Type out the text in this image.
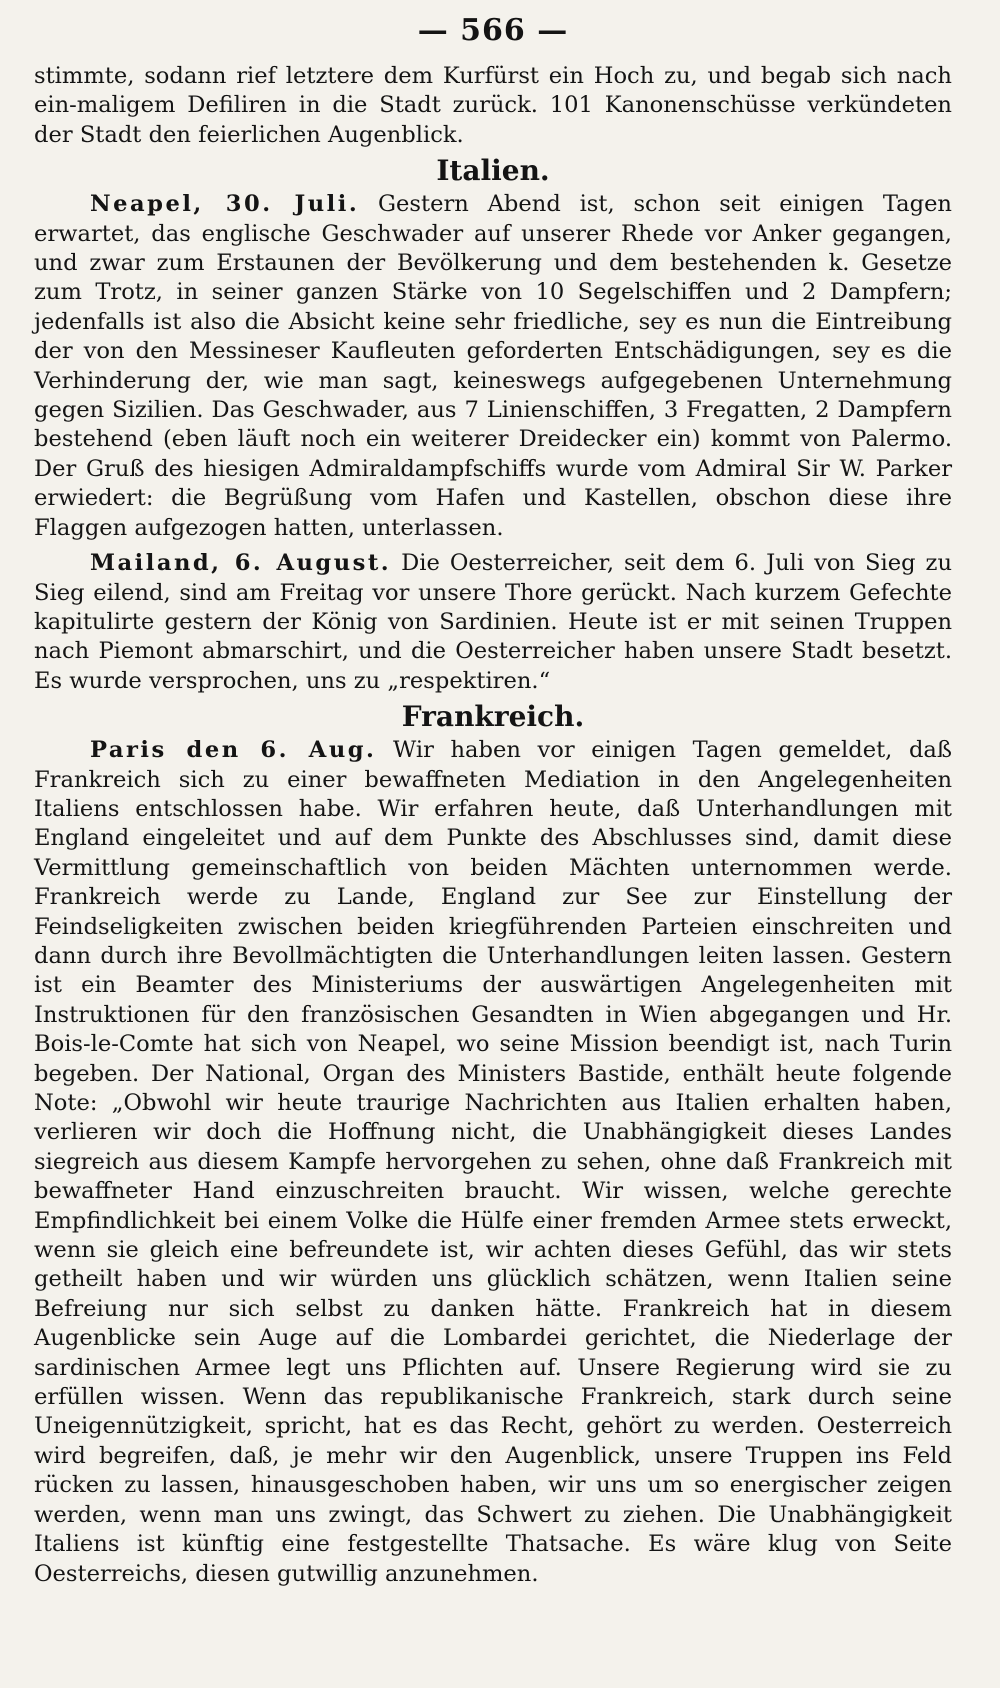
— 566 —

stimmte, sodann rief letztere dem Kurfürst ein Hoch zu, und begab sich nach ein-maligem Defiliren in die Stadt zurück. 101 Kanonenschüsse verkündeten der Stadt den feierlichen Augenblick.

Italien.

Neapel, 30. Juli. Gestern Abend ist, schon seit einigen Tagen erwartet, das englische Geschwader auf unserer Rhede vor Anker gegangen, und zwar zum Erstaunen der Bevölkerung und dem bestehenden k. Gesetze zum Trotz, in seiner ganzen Stärke von 10 Segelschiffen und 2 Dampfern; jedenfalls ist also die Absicht keine sehr friedliche, sey es nun die Eintreibung der von den Messineser Kaufleuten geforderten Entschädigungen, sey es die Verhinderung der, wie man sagt, keineswegs aufgegebenen Unternehmung gegen Sizilien. Das Geschwader, aus 7 Linienschiffen, 3 Fregatten, 2 Dampfern bestehend (eben läuft noch ein weiterer Dreidecker ein) kommt von Palermo. Der Gruß des hiesigen Admiraldampfschiffs wurde vom Admiral Sir W. Parker erwiedert: die Begrüßung vom Hafen und Kastellen, obschon diese ihre Flaggen aufgezogen hatten, unterlassen.

Mailand, 6. August. Die Oesterreicher, seit dem 6. Juli von Sieg zu Sieg eilend, sind am Freitag vor unsere Thore gerückt. Nach kurzem Gefechte kapitulirte gestern der König von Sardinien. Heute ist er mit seinen Truppen nach Piemont abmarschirt, und die Oesterreicher haben unsere Stadt besetzt. Es wurde versprochen, uns zu „respektiren.“

Frankreich.

Paris den 6. Aug. Wir haben vor einigen Tagen gemeldet, daß Frankreich sich zu einer bewaffneten Mediation in den Angelegenheiten Italiens entschlossen habe. Wir erfahren heute, daß Unterhandlungen mit England eingeleitet und auf dem Punkte des Abschlusses sind, damit diese Vermittlung gemeinschaftlich von beiden Mächten unternommen werde. Frankreich werde zu Lande, England zur See zur Einstellung der Feindseligkeiten zwischen beiden kriegführenden Parteien einschreiten und dann durch ihre Bevollmächtigten die Unterhandlungen leiten lassen. Gestern ist ein Beamter des Ministeriums der auswärtigen Angelegenheiten mit Instruktionen für den französischen Gesandten in Wien abgegangen und Hr. Bois-le-Comte hat sich von Neapel, wo seine Mission beendigt ist, nach Turin begeben. Der National, Organ des Ministers Bastide, enthält heute folgende Note: „Obwohl wir heute traurige Nachrichten aus Italien erhalten haben, verlieren wir doch die Hoffnung nicht, die Unabhängigkeit dieses Landes siegreich aus diesem Kampfe hervorgehen zu sehen, ohne daß Frankreich mit bewaffneter Hand einzuschreiten braucht. Wir wissen, welche gerechte Empfindlichkeit bei einem Volke die Hülfe einer fremden Armee stets erweckt, wenn sie gleich eine befreundete ist, wir achten dieses Gefühl, das wir stets getheilt haben und wir würden uns glücklich schätzen, wenn Italien seine Befreiung nur sich selbst zu danken hätte. Frankreich hat in diesem Augenblicke sein Auge auf die Lombardei gerichtet, die Niederlage der sardinischen Armee legt uns Pflichten auf. Unsere Regierung wird sie zu erfüllen wissen. Wenn das republikanische Frankreich, stark durch seine Uneigennützigkeit, spricht, hat es das Recht, gehört zu werden. Oesterreich wird begreifen, daß, je mehr wir den Augenblick, unsere Truppen ins Feld rücken zu lassen, hinausgeschoben haben, wir uns um so energischer zeigen werden, wenn man uns zwingt, das Schwert zu ziehen. Die Unabhängigkeit Italiens ist künftig eine festgestellte Thatsache. Es wäre klug von Seite Oesterreichs, diesen gutwillig anzunehmen.
